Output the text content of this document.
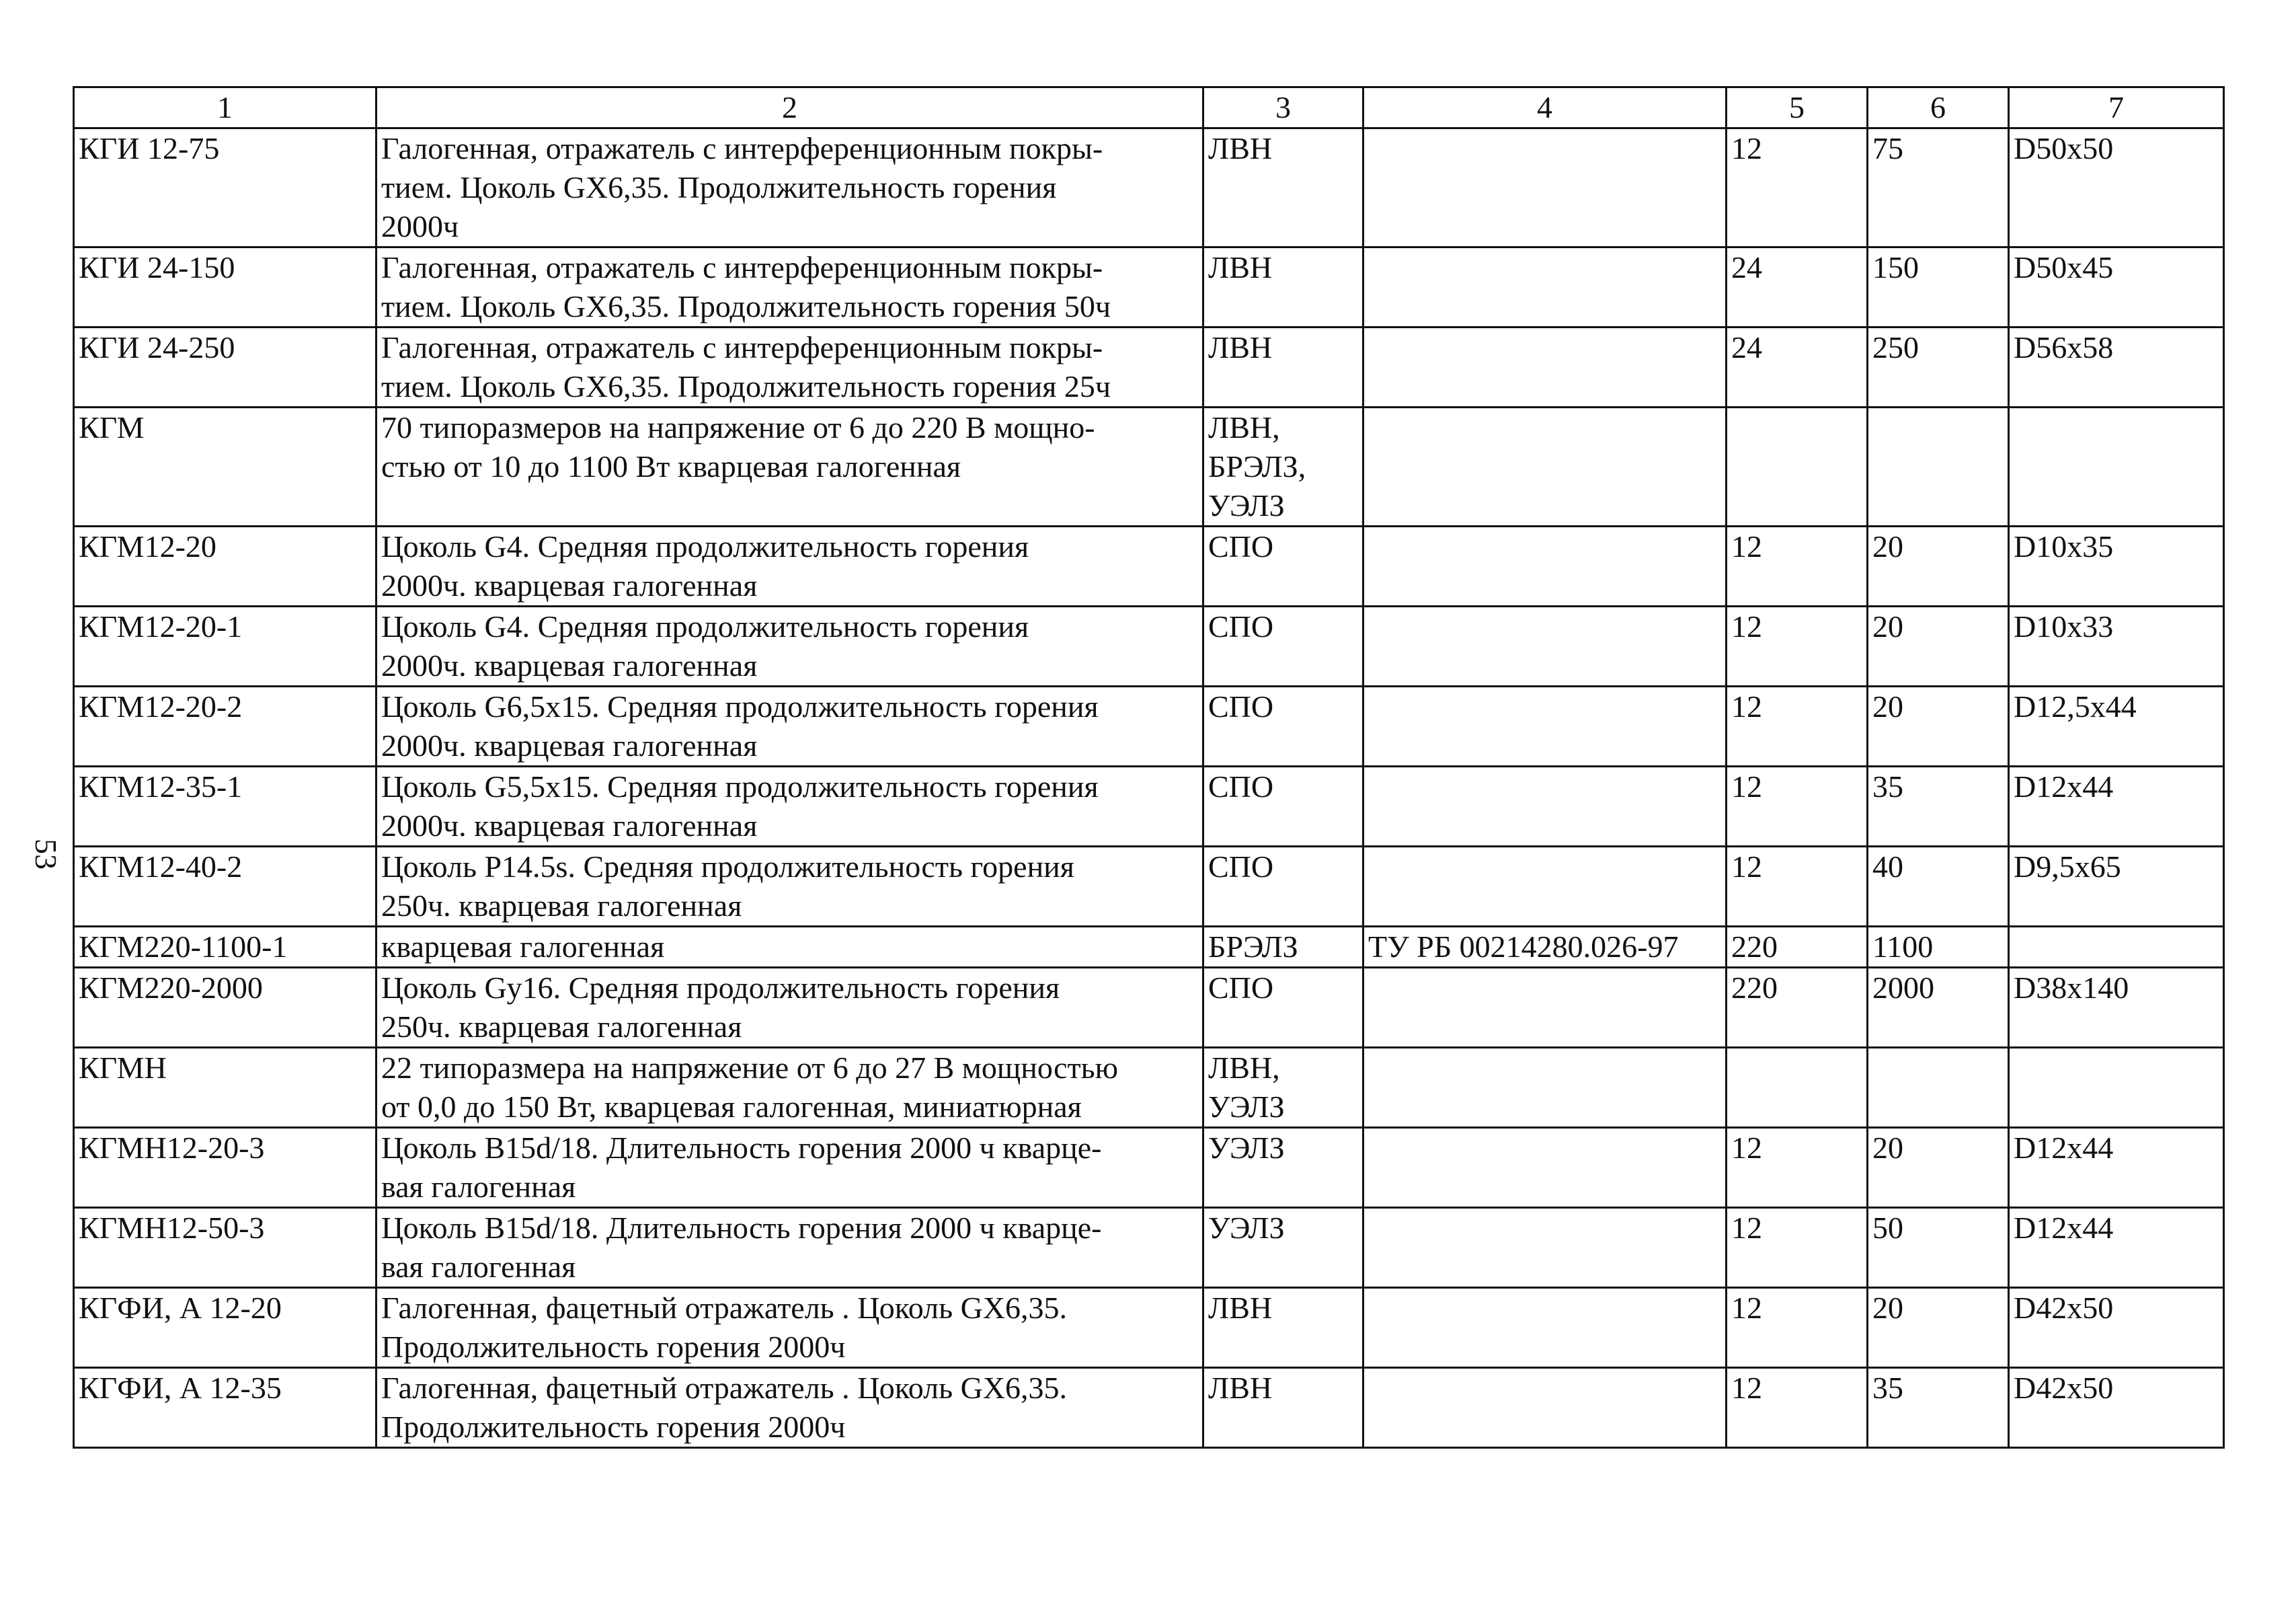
53
1	2	3	4	5	6	7
КГИ 12-75	Галогенная, отражатель с интерференционным покры-
тием. Цоколь GX6,35. Продолжительность горения
2000ч	ЛВН		12	75	D50x50
КГИ 24-150	Галогенная, отражатель с интерференционным покры-
тием. Цоколь GX6,35. Продолжительность горения 50ч	ЛВН		24	150	D50x45
КГИ 24-250	Галогенная, отражатель с интерференционным покры-
тием. Цоколь GX6,35. Продолжительность горения 25ч	ЛВН		24	250	D56x58
КГМ	70 типоразмеров на напряжение от 6 до 220 В мощно-
стью от 10 до 1100 Вт кварцевая галогенная	ЛВН,
БРЭЛЗ,
УЭЛЗ				
КГМ12-20	Цоколь G4. Средняя продолжительность горения
2000ч. кварцевая галогенная	СПО		12	20	D10x35
КГМ12-20-1	Цоколь G4. Средняя продолжительность горения
2000ч. кварцевая галогенная	СПО		12	20	D10x33
КГМ12-20-2	Цоколь G6,5x15. Средняя продолжительность горения
2000ч. кварцевая галогенная	СПО		12	20	D12,5x44
КГМ12-35-1	Цоколь G5,5x15. Средняя продолжительность горения
2000ч. кварцевая галогенная	СПО		12	35	D12x44
КГМ12-40-2	Цоколь P14.5s. Средняя продолжительность горения
250ч. кварцевая галогенная	СПО		12	40	D9,5x65
КГМ220-1100-1	кварцевая галогенная	БРЭЛЗ	ТУ РБ 00214280.026-97	220	1100	
КГМ220-2000	Цоколь Gy16. Средняя продолжительность горения
250ч. кварцевая галогенная	СПО		220	2000	D38x140
КГМН	22 типоразмера на напряжение от 6 до 27 В мощностью
от 0,0 до 150 Вт, кварцевая галогенная, миниатюрная	ЛВН,
УЭЛЗ				
КГМН12-20-3	Цоколь B15d/18. Длительность горения 2000 ч кварце-
вая галогенная	УЭЛЗ		12	20	D12x44
КГМН12-50-3	Цоколь B15d/18. Длительность горения 2000 ч кварце-
вая галогенная	УЭЛЗ		12	50	D12x44
КГФИ, А 12-20	Галогенная, фацетный отражатель . Цоколь GX6,35.
Продолжительность горения 2000ч	ЛВН		12	20	D42x50
КГФИ, А 12-35	Галогенная, фацетный отражатель . Цоколь GX6,35.
Продолжительность горения 2000ч	ЛВН		12	35	D42x50
